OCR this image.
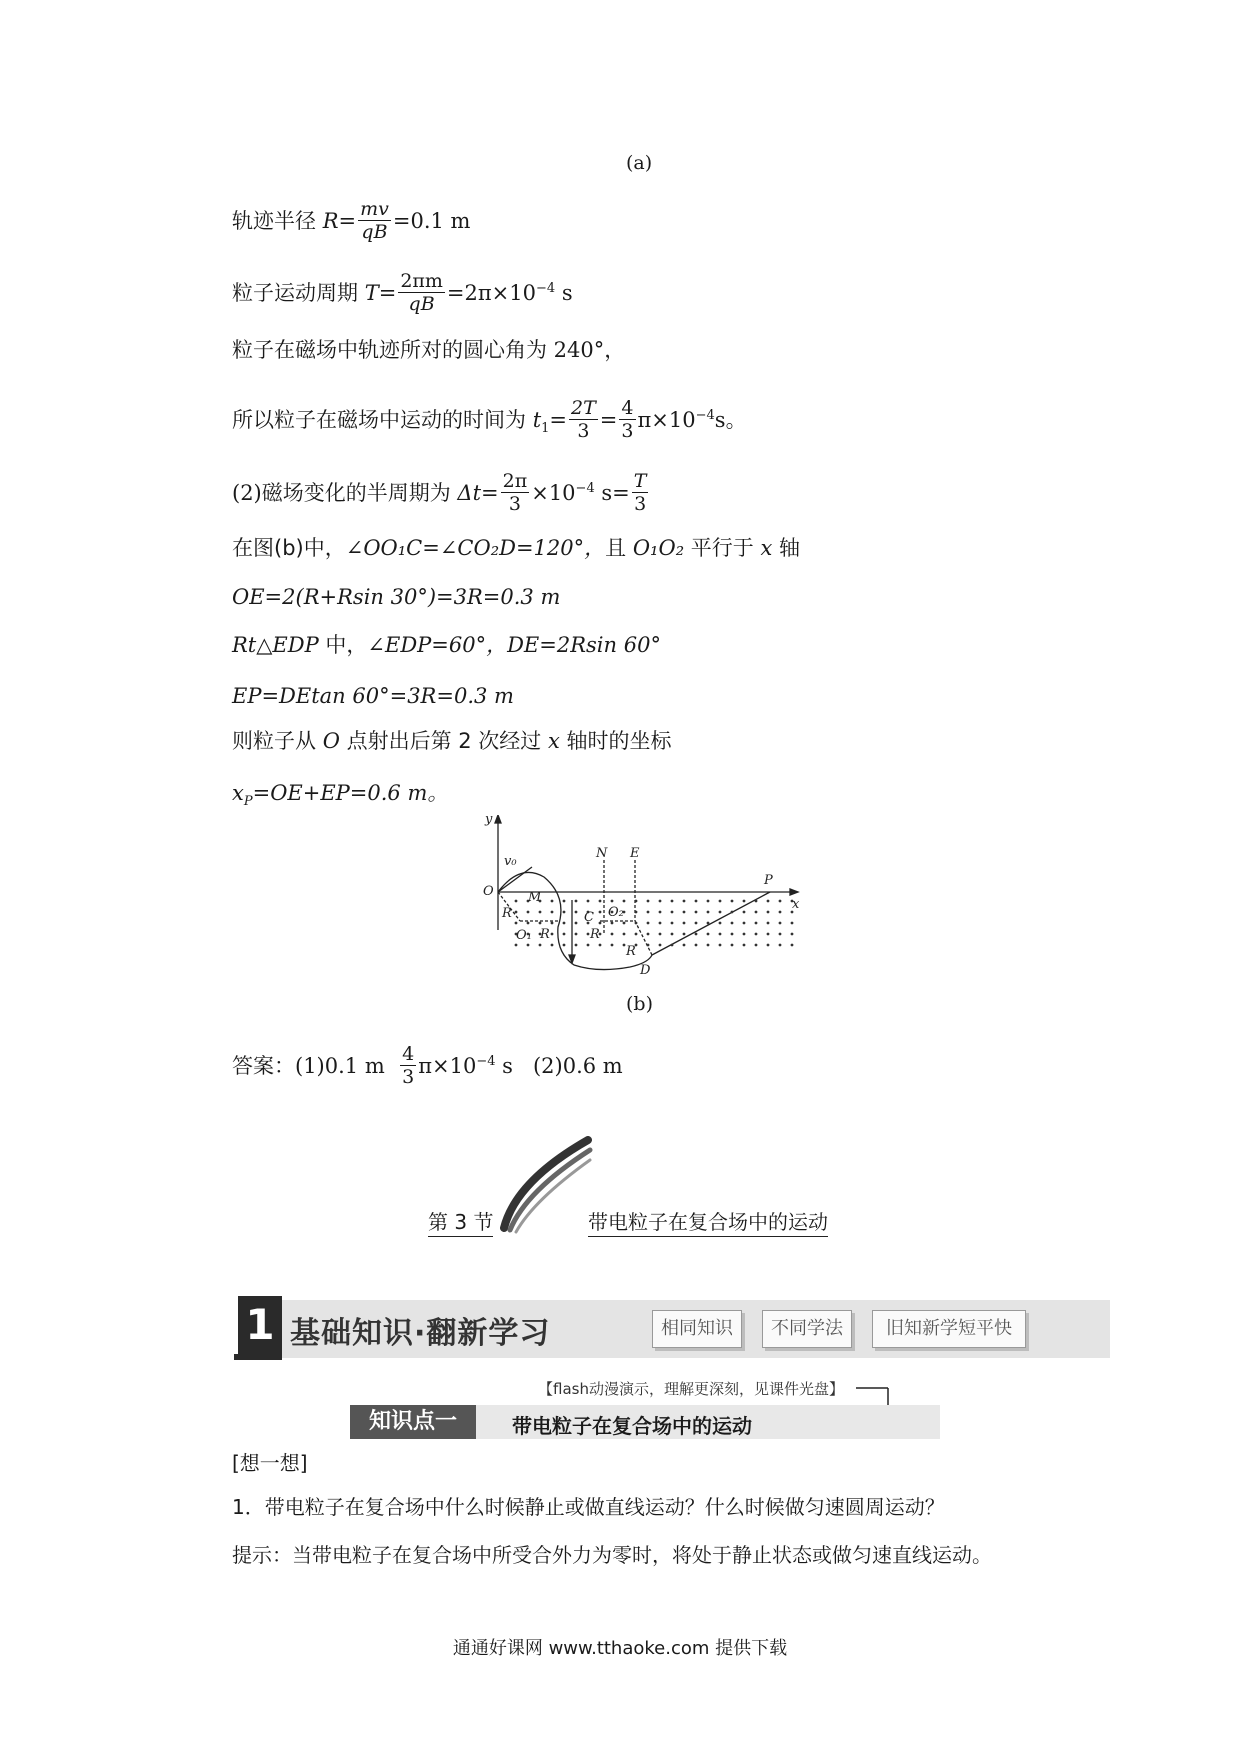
(a)
轨迹半径 $R= \frac{mv}{qB} =0.1$ m
粒子运动周期 $T= \frac{2\pi m}{qB} =2\pi\times 10^{-4}$ s
粒子在磁场中轨迹所对的圆心角为 240°，
所以粒子在磁场中运动的时间为 $t_1= \frac{2T}{3} = \frac{4}{3} \pi\times 10^{-4}s$。
(2)磁场变化的半周期为 $\Delta t= \frac{2\pi}{3} \times 10^{-4}$ $s= \frac{T}{3}$
在图(b)中，∠OO₁C=∠CO₂D=120°，且 O₁O₂ 平行于 x 轴
OE=2(R+Rsin 30°)=3R=0.3 m
Rt△EDP 中，∠EDP=60°，DE=2Rsin 60°
EP=DEtan 60°=3R=0.3 m
则粒子从 O 点射出后第 2 次经过 x 轴时的坐标
$x_P=OE+EP=0.6$ m。
y
x
v₀
O	M
N E
P
R
O₁ R
C O₂
R
R
D
(b)
答案：(1)0.1 m $\frac{4}{3} \pi\times 10^{-4}$ s (2)0.6 m
第 3 节	带电粒子在复合场中的运动
1 基础知识·翻新学习	相同知识	不同学法	旧知新学短平快
【flash动漫演示，理解更深刻，见课件光盘】
知识点一	带电粒子在复合场中的运动
[想一想]
1．带电粒子在复合场中什么时候静止或做直线运动？什么时候做匀速圆周运动？
提示：当带电粒子在复合场中所受合外力为零时，将处于静止状态或做匀速直线运动。
通通好课网 www.tthaoke.com 提供下载
